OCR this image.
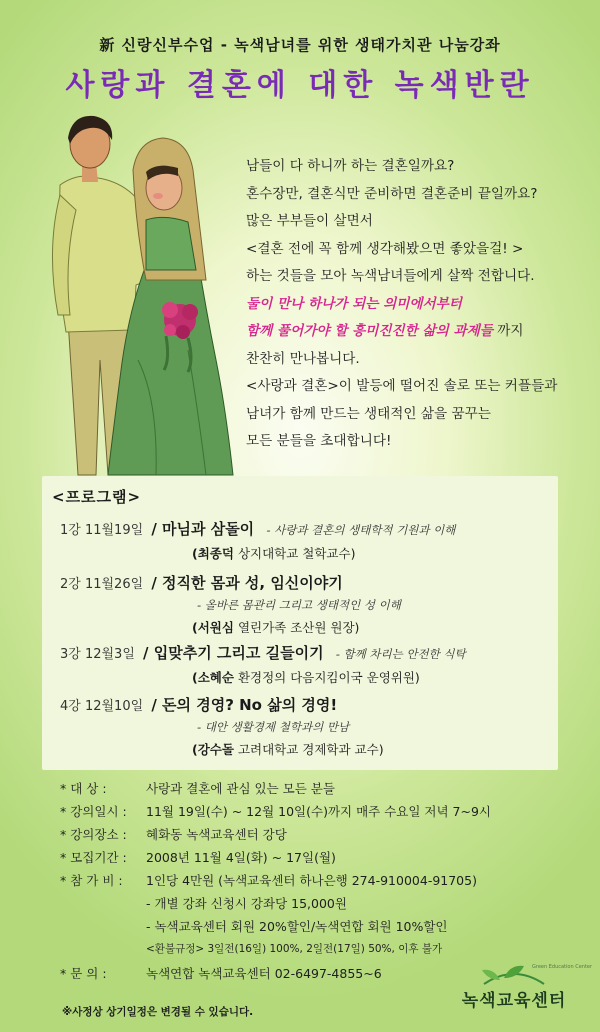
新 신랑신부수업 - 녹색남녀를 위한 생태가치관 나눔강좌
사랑과 결혼에 대한 녹색반란
남들이 다 하니까 하는 결혼일까요?
혼수장만, 결혼식만 준비하면 결혼준비 끝일까요?
많은 부부들이 살면서
<결혼 전에 꼭 함께 생각해봤으면 좋았을걸! >
하는 것들을 모아 녹색남녀들에게 살짝 전합니다.
둘이 만나 하나가 되는 의미에서부터
함께 풀어가야 할 흥미진진한 삶의 과제들 까지
찬찬히 만나봅니다.
<사랑과 결혼>이 발등에 떨어진 솔로 또는 커플들과
남녀가 함께 만드는 생태적인 삶을 꿈꾸는
모든 분들을 초대합니다!
<프로그램>
1강 11월19일 / 마님과 삼돌이 - 사랑과 결혼의 생태학적 기원과 이해
(최종덕 상지대학교 철학교수)
2강 11월26일 / 정직한 몸과 성, 임신이야기
- 올바른 몸관리 그리고 생태적인 성 이해
(서원심 열린가족 조산원 원장)
3강 12월3일 / 입맞추기 그리고 길들이기 - 함께 차리는 안전한 식탁
(소혜순 환경정의 다음지킴이국 운영위원)
4강 12월10일 / 돈의 경영? No 삶의 경영!
- 대안 생활경제 철학과의 만남
(강수돌 고려대학교 경제학과 교수)
* 대 상 :	사랑과 결혼에 관심 있는 모든 분들
* 강의일시 : 11월 19일(수) ~ 12월 10일(수)까지 매주 수요일 저녁 7~9시
* 강의장소 : 혜화동 녹색교육센터 강당
* 모집기간 : 2008년 11월 4일(화) ~ 17일(월)
* 참 가 비 : 1인당 4만원 (녹색교육센터 하나은행 274-910004-91705)
- 개별 강좌 신청시 강좌당 15,000원
- 녹색교육센터 회원 20%할인/녹색연합 회원 10%할인
<환불규정> 3일전(16일) 100%, 2일전(17일) 50%, 이후 불가
* 문 의 :	녹색연합 녹색교육센터 02-6497-4855~6	Green Education Center
녹색교육센터
※사정상 상기일정은 변경될 수 있습니다.
